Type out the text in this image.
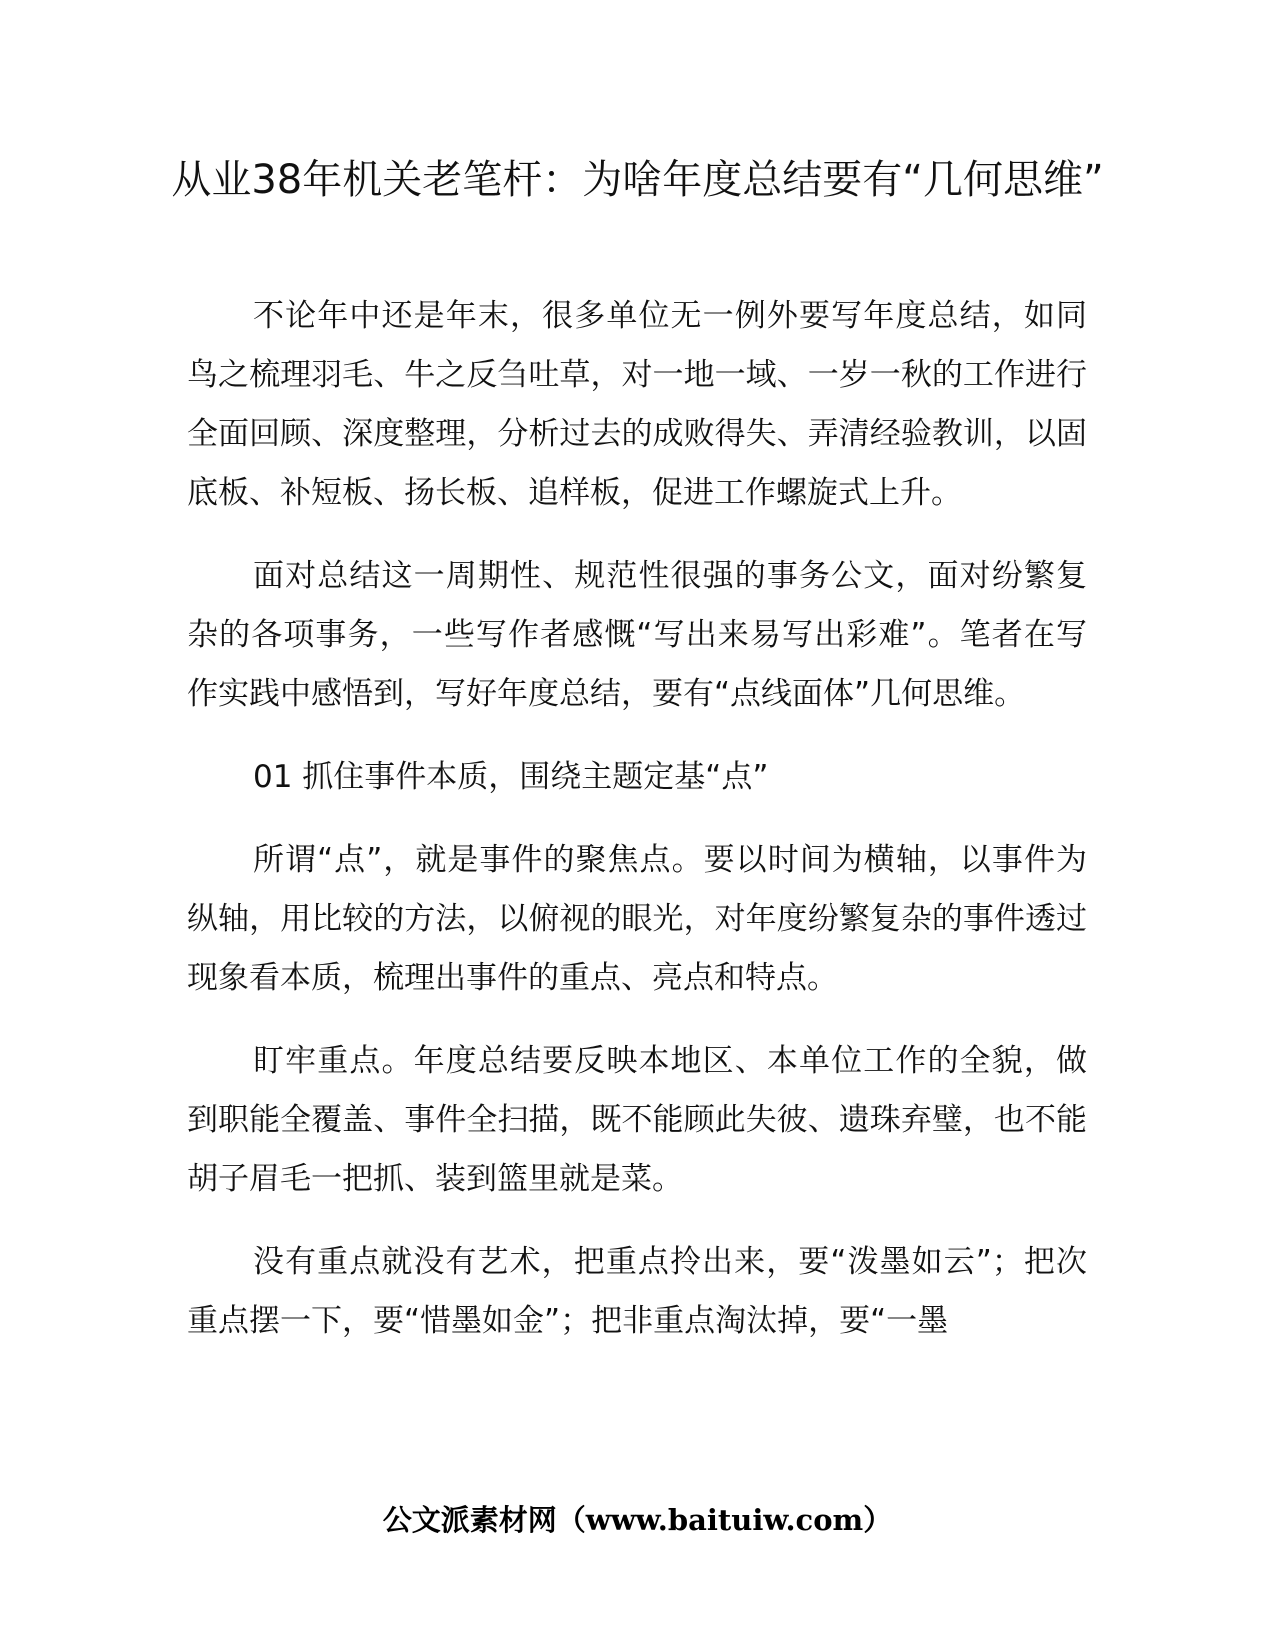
从业38年机关老笔杆：为啥年度总结要有“几何思维”

不论年中还是年末，很多单位无一例外要写年度总结，如同鸟之梳理羽毛、牛之反刍吐草，对一地一域、一岁一秋的工作进行全面回顾、深度整理，分析过去的成败得失、弄清经验教训，以固底板、补短板、扬长板、追样板，促进工作螺旋式上升。

面对总结这一周期性、规范性很强的事务公文，面对纷繁复杂的各项事务，一些写作者感慨“写出来易写出彩难”。笔者在写作实践中感悟到，写好年度总结，要有“点线面体”几何思维。

01 抓住事件本质，围绕主题定基“点”

所谓“点”，就是事件的聚焦点。要以时间为横轴，以事件为纵轴，用比较的方法，以俯视的眼光，对年度纷繁复杂的事件透过现象看本质，梳理出事件的重点、亮点和特点。

盯牢重点。年度总结要反映本地区、本单位工作的全貌，做到职能全覆盖、事件全扫描，既不能顾此失彼、遗珠弃璧，也不能胡子眉毛一把抓、装到篮里就是菜。

没有重点就没有艺术，把重点拎出来，要“泼墨如云”；把次重点摆一下，要“惜墨如金”；把非重点淘汰掉，要“一墨

公文派素材网（www.baituiw.com）
